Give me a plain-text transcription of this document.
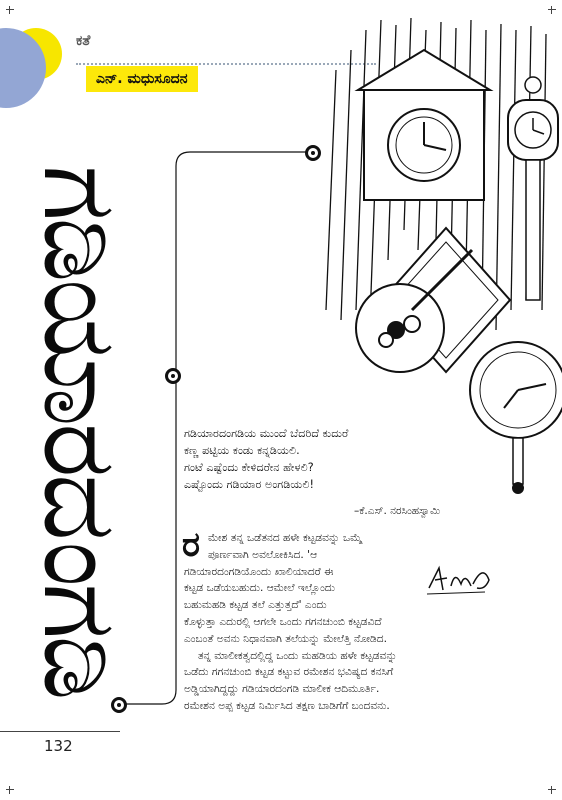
ಕತೆ
ಎನ್‌. ಮಧುಸೂದನ
ಗಡಿಯಾರದಂಗಡಿ	ಗಡಿಯಾರದಂಗಡಿಯ ಮುಂದೆ ಬೆದರಿದೆ ಕುದುರೆ
ಕಣ್ಣ ಪಟ್ಟಿಯ ಕಂಡು ಕನ್ನಡಿಯಲಿ.
ಗಂಟೆ ಎಷ್ಟೆಂದು ಕೇಳಿದರೇನ ಹೇಳಲಿ?
ಎಷ್ಟೊಂದು ಗಡಿಯಾರ ಅಂಗಡಿಯಲಿ!
–ಕೆ.ಎಸ್‌. ನರಸಿಂಹಸ್ವಾಮಿ
ರ ಮೇಶ ತನ್ನ ಒಡೆತನದ ಹಳೇ ಕಟ್ಟಡವನ್ನು ಒಮ್ಮೆ
ಪೂರ್ಣವಾಗಿ ಅವಲೋಕಿಸಿದ. 'ಆ
ಗಡಿಯಾರದಂಗಡಿಯೊಂದು ಖಾಲಿಯಾದರೆ ಈ
ಕಟ್ಟಡ ಒಡೆಯಬಹುದು. ಆಮೇಲೆ ಇಲ್ಲೊಂದು
ಬಹುಮಹಡಿ ಕಟ್ಟಡ ತಲೆ ಎತ್ತುತ್ತದೆ' ಎಂದು
ಕೊಳ್ಳುತ್ತಾ ಎದುರಲ್ಲಿ ಆಗಲೇ ಒಂದು ಗಗನಚುಂಬಿ ಕಟ್ಟಡವಿದೆ
ಎಂಬಂತೆ ಅವನು ನಿಧಾನವಾಗಿ ತಲೆಯನ್ನು ಮೇಲೆತ್ತಿ ನೋಡಿದ.
ತನ್ನ ಮಾಲೀಕತ್ವದಲ್ಲಿದ್ದ ಒಂದು ಮಹಡಿಯ ಹಳೇ ಕಟ್ಟಡವನ್ನು
ಒಡೆದು ಗಗನಚುಂಬಿ ಕಟ್ಟಡ ಕಟ್ಟುವ ರಮೇಶನ ಭವಿಷ್ಯದ ಕನಸಿಗೆ
ಅಡ್ಡಿಯಾಗಿದ್ದದ್ದು ಗಡಿಯಾರದಂಗಡಿ ಮಾಲೀಕ ಆದಿಮೂರ್ತಿ.
ರಮೇಶನ ಅಪ್ಪ ಕಟ್ಟಡ ನಿರ್ಮಿಸಿದ ತಕ್ಷಣ ಬಾಡಿಗೆಗೆ ಬಂದವನು.
132
